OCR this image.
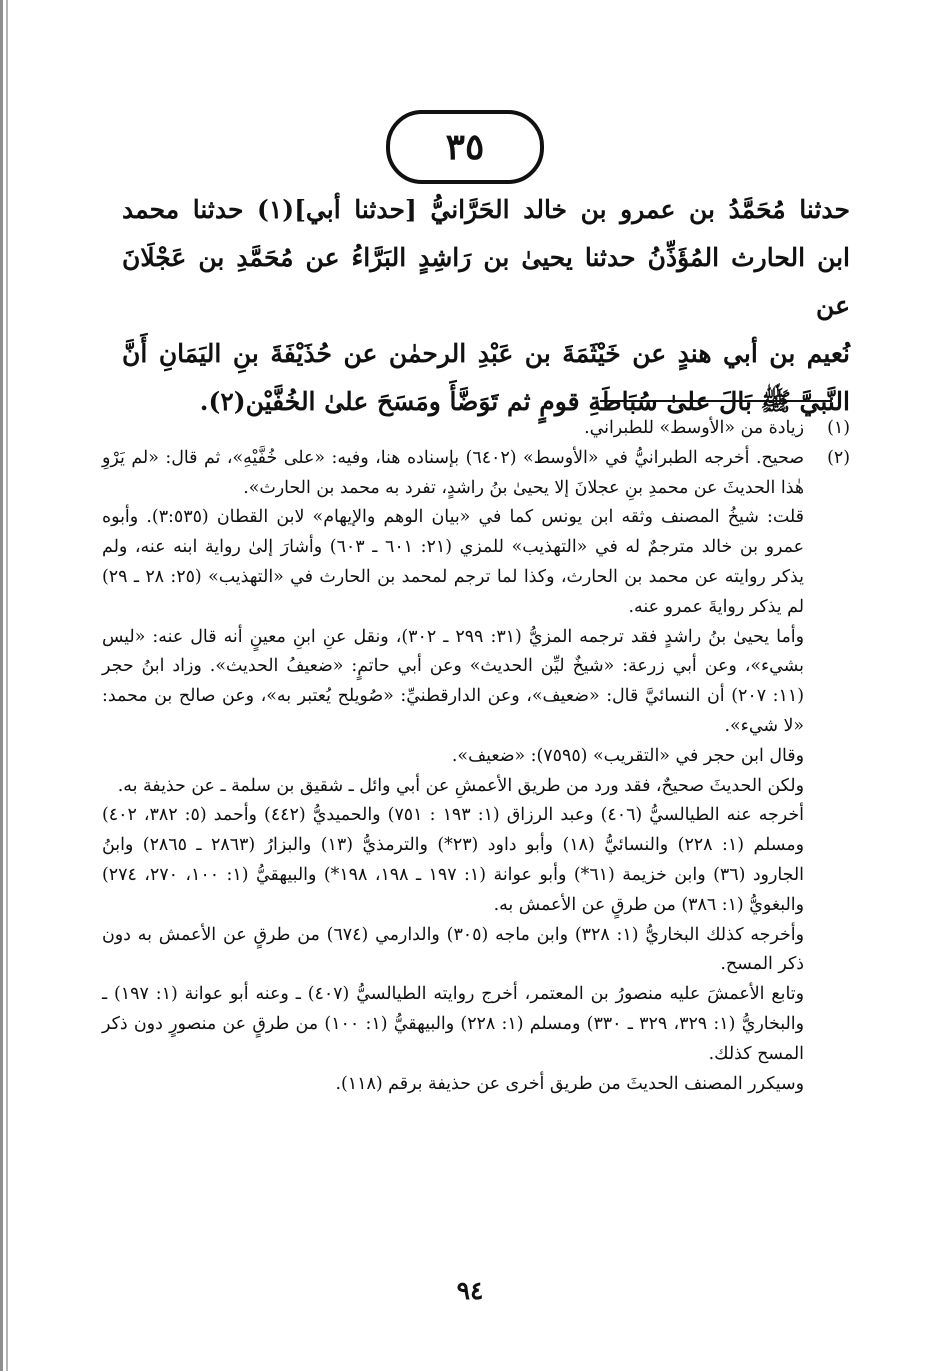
٣٥
حدثنا مُحَمَّدُ بن عمرو بن خالد الحَرَّانيُّ [حدثنا أبي](١) حدثنا محمد
ابن الحارث المُؤَذِّنُ حدثنا يحيىٰ بن رَاشِدٍ البَرَّاءُ عن مُحَمَّدِ بن عَجْلَانَ عن
نُعيم بن أبي هندٍ عن خَيْثَمَةَ بن عَبْدِ الرحمٰن عن حُذَيْفَةَ بنِ اليَمَانِ أَنَّ
النَّبيَّ ﷺ بَالَ علىٰ سُبَاطَةِ قومٍ ثم تَوَضَّأَ ومَسَحَ علىٰ الخُفَّيْن(٢).
(١)
زيادة من «الأوسط» للطبراني.
(٢)
صحيح. أخرجه الطبرانيُّ في «الأوسط» (٦٤٠٢) بإسناده هنا، وفيه: «على خُفَّيْهِ»، ثم قال: «لم يَرْوِ هٰذا الحديثَ عن محمدِ بنِ عجلانَ إلا يحيىٰ بنُ راشدٍ، تفرد به محمد بن الحارث».
قلت: شيخُ المصنف وثقه ابن يونس كما في «بيان الوهم والإيهام» لابن القطان (٣:٥٣٥). وأبوه عمرو بن خالد مترجمٌ له في «التهذيب» للمزي (٢١: ٦٠١ ـ ٦٠٣) وأشارَ إلىٰ رواية ابنه عنه، ولم يذكر روايته عن محمد بن الحارث، وكذا لما ترجم لمحمد بن الحارث في «التهذيب» (٢٥: ٢٨ ـ ٢٩) لم يذكر روايةَ عمرو عنه.
وأما يحيىٰ بنُ راشدٍ فقد ترجمه المزيُّ (٣١: ٢٩٩ ـ ٣٠٢)، ونقل عنِ ابنِ معينٍ أنه قال عنه: «ليس بشيء»، وعن أبي زرعة: «شيخٌ ليِّن الحديث» وعن أبي حاتمٍ: «ضعيفُ الحديث». وزاد ابنُ حجر (١١: ٢٠٧) أن النسائيَّ قال: «ضعيف»، وعن الدارقطنيِّ: «صُويلح يُعتبر به»، وعن صالح بن محمد: «لا شيء».
وقال ابن حجر في «التقريب» (٧٥٩٥): «ضعيف».
ولكن الحديثَ صحيحٌ، فقد ورد من طريق الأعمشِ عن أبي وائل ـ شقيق بن سلمة ـ عن حذيفة به.
أخرجه عنه الطيالسيُّ (٤٠٦) وعبد الرزاق (١: ١٩٣ : ٧٥١) والحميديُّ (٤٤٢) وأحمد (٥: ٣٨٢، ٤٠٢) ومسلم (١: ٢٢٨) والنسائيُّ (١٨) وأبو داود (٢٣*) والترمذيُّ (١٣) والبزارُ (٢٨٦٣ ـ ٢٨٦٥) وابنُ الجارود (٣٦) وابن خزيمة (٦١*) وأبو عوانة (١: ١٩٧ ـ ١٩٨، ١٩٨*) والبيهقيُّ (١: ١٠٠، ٢٧٠، ٢٧٤) والبغويُّ (١: ٣٨٦) من طرقٍ عن الأعمش به.
وأخرجه كذلك البخاريُّ (١: ٣٢٨) وابن ماجه (٣٠٥) والدارمي (٦٧٤) من طرقٍ عن الأعمش به دون ذكر المسح.
وتابع الأعمشَ عليه منصورُ بن المعتمر، أخرج روايته الطيالسيُّ (٤٠٧) ـ وعنه أبو عوانة (١: ١٩٧) ـ والبخاريُّ (١: ٣٢٩، ٣٢٩ ـ ٣٣٠) ومسلم (١: ٢٢٨) والبيهقيُّ (١: ١٠٠) من طرقٍ عن منصورٍ دون ذكر المسح كذلك.
وسيكرر المصنف الحديثَ من طريق أخرى عن حذيفة برقم (١١٨).
٩٤
